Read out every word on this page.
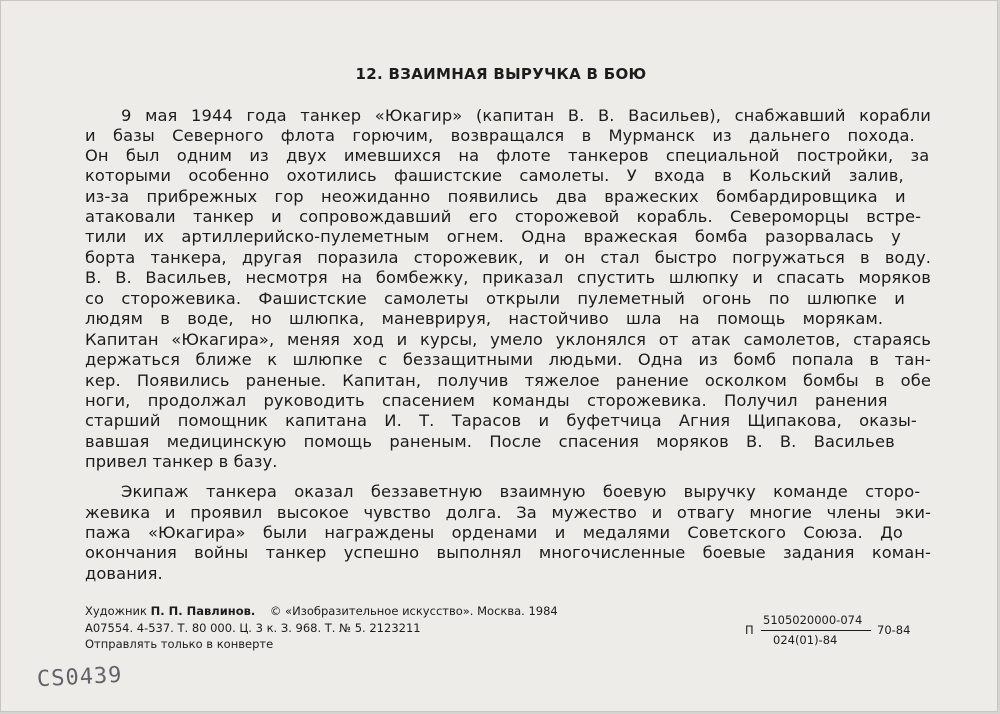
12. ВЗАИМНАЯ ВЫРУЧКА В БОЮ
9 мая 1944 года танкер «Юкагир» (капитан В. В. Васильев), снабжавший корабли
и базы Северного флота горючим, возвращался в Мурманск из дальнего похода.
Он был одним из двух имевшихся на флоте танкеров специальной постройки, за
которыми особенно охотились фашистские самолеты. У входа в Кольский залив,
из-за прибрежных гор неожиданно появились два вражеских бомбардировщика и
атаковали танкер и сопровождавший его сторожевой корабль. Североморцы встре-
тили их артиллерийско-пулеметным огнем. Одна вражеская бомба разорвалась у
борта танкера, другая поразила сторожевик, и он стал быстро погружаться в воду.
В. В. Васильев, несмотря на бомбежку, приказал спустить шлюпку и спасать моряков
со сторожевика. Фашистские самолеты открыли пулеметный огонь по шлюпке и
людям в воде, но шлюпка, маневрируя, настойчиво шла на помощь морякам.
Капитан «Юкагира», меняя ход и курсы, умело уклонялся от атак самолетов, стараясь
держаться ближе к шлюпке с беззащитными людьми. Одна из бомб попала в тан-
кер. Появились раненые. Капитан, получив тяжелое ранение осколком бомбы в обе
ноги, продолжал руководить спасением команды сторожевика. Получил ранения
старший помощник капитана И. Т. Тарасов и буфетчица Агния Щипакова, оказы-
вавшая медицинскую помощь раненым. После спасения моряков В. В. Васильев
привел танкер в базу.
Экипаж танкера оказал беззаветную взаимную боевую выручку команде сторо-
жевика и проявил высокое чувство долга. За мужество и отвагу многие члены эки-
пажа «Юкагира» были награждены орденами и медалями Советского Союза. До
окончания войны танкер успешно выполнял многочисленные боевые задания коман-
дования.
Художник П. П. Павлинов. © «Изобразительное искусство». Москва. 1984
А07554. 4-537. Т. 80 000. Ц. 3 к. З. 968. Т. № 5. 2123211
Отправлять только в конверте
П
5105020000-074
024(01)-84
70-84
CS0439
